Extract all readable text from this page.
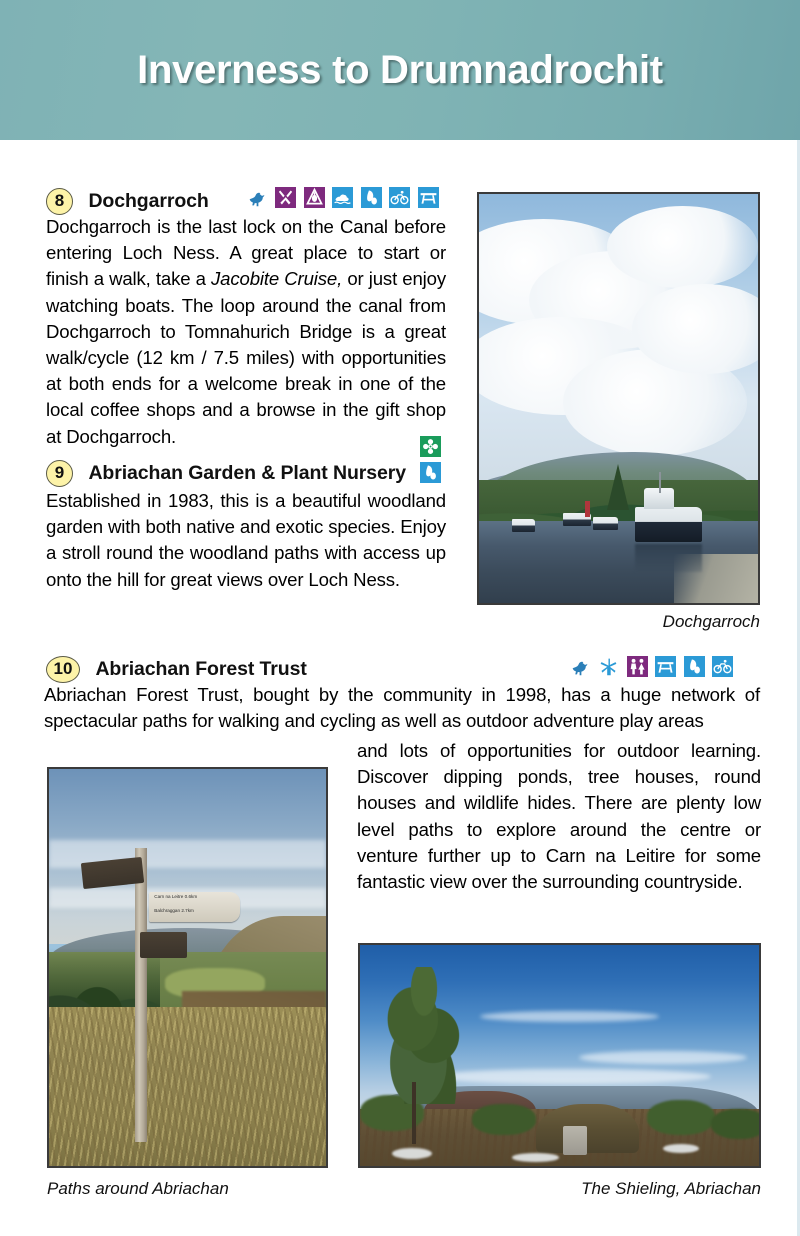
Inverness to Drumnadrochit
8 Dochgarroch

Dochgarroch is the last lock on the Canal before entering Loch Ness. A great place to start or finish a walk, take a Jacobite Cruise, or just enjoy watching boats. The loop around the canal from Dochgarroch to Tomnahurich Bridge is a great walk/cycle (12 km / 7.5 miles) with opportunities at both ends for a welcome break in one of the local coffee shops and a browse in the gift shop at Dochgarroch.
9 Abriachan Garden & Plant Nursery
Established in 1983, this is a beautiful woodland garden with both native and exotic species. Enjoy a stroll round the woodland paths with access up onto the hill for great views over Loch Ness.
10 Abriachan Forest Trust

Abriachan Forest Trust, bought by the community in 1998, has a huge network of spectacular paths for walking and cycling as well as outdoor adventure play areas
and lots of opportunities for outdoor learning. Discover dipping ponds, tree houses, round houses and wildlife hides. There are plenty low level paths to explore around the centre or venture further up to Carn na Leitire for some fantastic view over the surrounding countryside.
Dochgarroch
Carn na Leitre 0.6km
Balchraggan 2.7km
Paths around Abriachan	The Shieling, Abriachan
